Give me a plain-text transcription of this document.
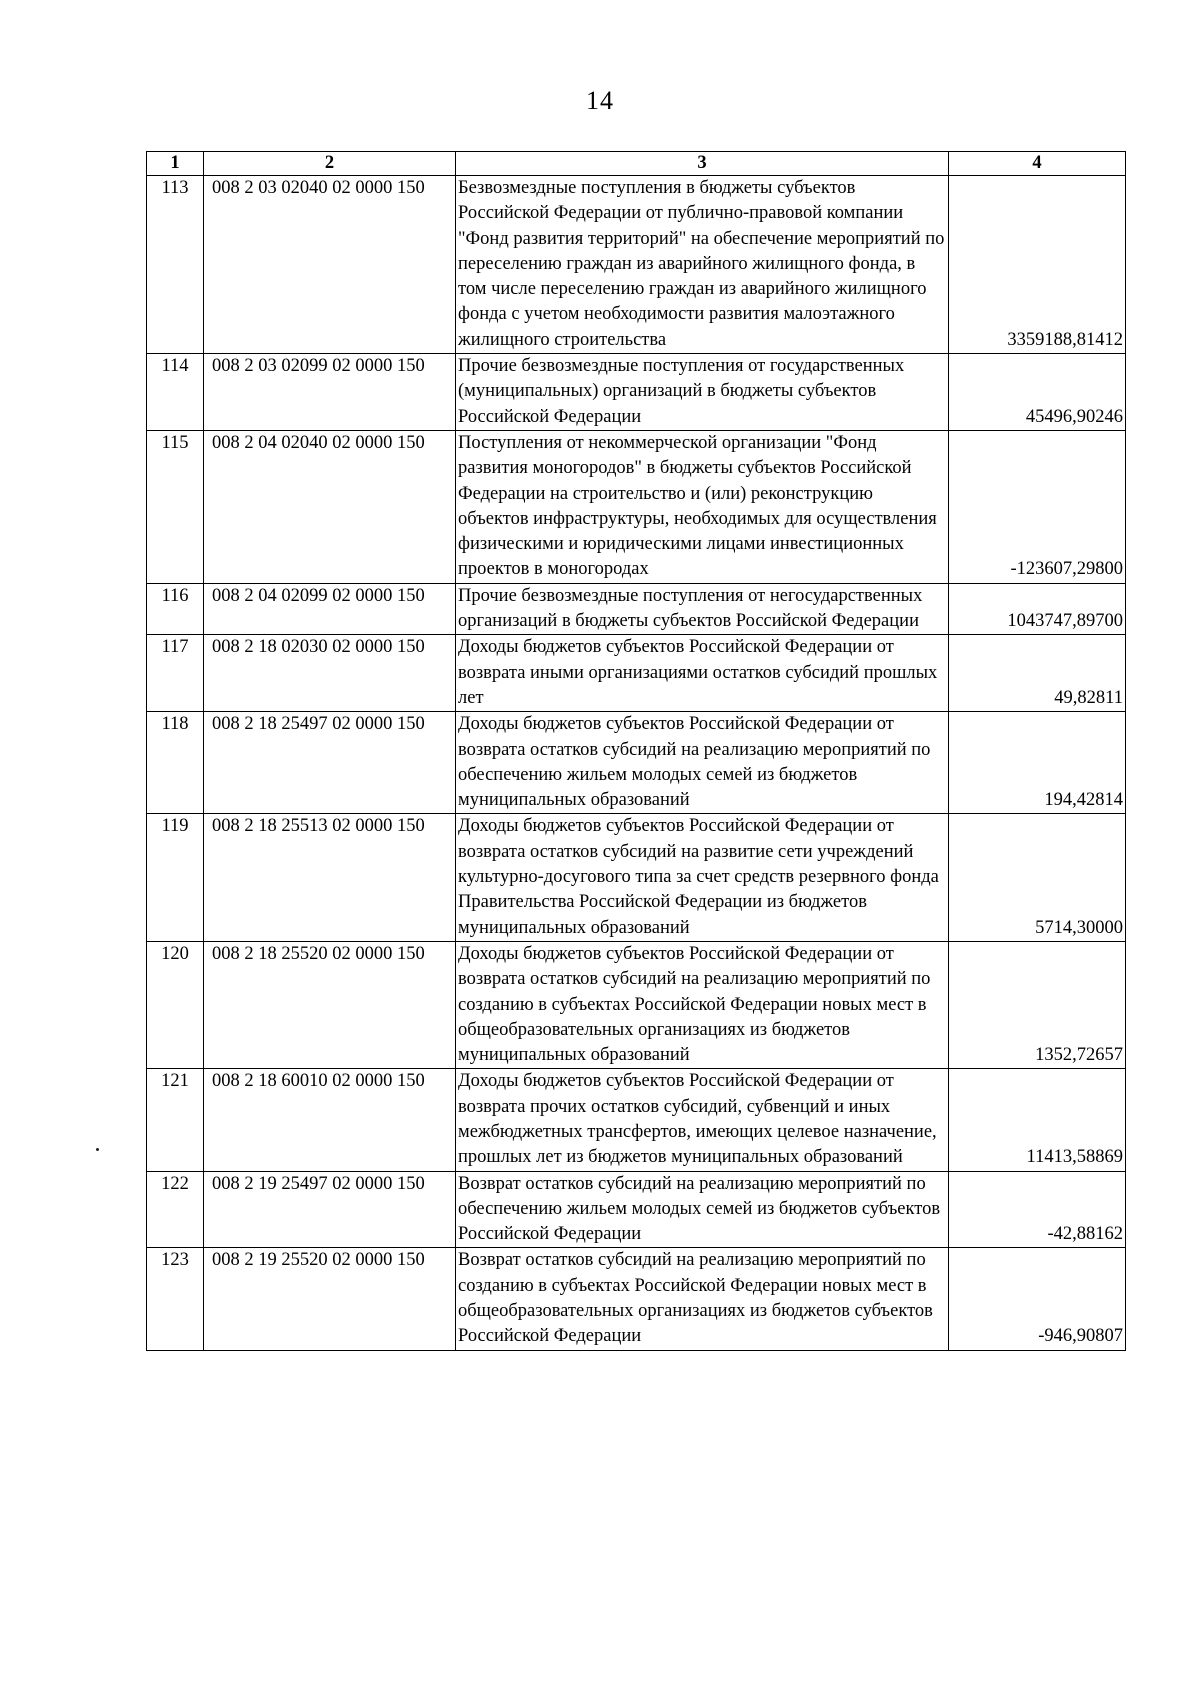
14
1	2	3	4
113	008 2 03 02040 02 0000 150	Безвозмездные поступления в бюджеты субъектов Российской Федерации от публично-правовой компании "Фонд развития территорий" на обеспечение мероприятий по переселению граждан из аварийного жилищного фонда, в том числе переселению граждан из аварийного жилищного фонда с учетом необходимости развития малоэтажного жилищного строительства	3359188,81412
114	008 2 03 02099 02 0000 150	Прочие безвозмездные поступления от государственных (муниципальных) организаций в бюджеты субъектов Российской Федерации	45496,90246
115	008 2 04 02040 02 0000 150	Поступления от некоммерческой организации "Фонд развития моногородов" в бюджеты субъектов Российской Федерации на строительство и (или) реконструкцию объектов инфраструктуры, необходимых для осуществления физическими и юридическими лицами инвестиционных проектов в моногородах	-123607,29800
116	008 2 04 02099 02 0000 150	Прочие безвозмездные поступления от негосударственных организаций в бюджеты субъектов Российской Федерации	1043747,89700
117	008 2 18 02030 02 0000 150	Доходы бюджетов субъектов Российской Федерации от возврата иными организациями остатков субсидий прошлых лет	49,82811
118	008 2 18 25497 02 0000 150	Доходы бюджетов субъектов Российской Федерации от возврата остатков субсидий на реализацию мероприятий по обеспечению жильем молодых семей из бюджетов муниципальных образований	194,42814
119	008 2 18 25513 02 0000 150	Доходы бюджетов субъектов Российской Федерации от возврата остатков субсидий на развитие сети учреждений культурно-досугового типа за счет средств резервного фонда Правительства Российской Федерации из бюджетов муниципальных образований	5714,30000
120	008 2 18 25520 02 0000 150	Доходы бюджетов субъектов Российской Федерации от возврата остатков субсидий на реализацию мероприятий по созданию в субъектах Российской Федерации новых мест в общеобразовательных организациях из бюджетов муниципальных образований	1352,72657
121	008 2 18 60010 02 0000 150	Доходы бюджетов субъектов Российской Федерации от возврата прочих остатков субсидий, субвенций и иных межбюджетных трансфертов, имеющих целевое назначение, прошлых лет из бюджетов муниципальных образований	11413,58869
122	008 2 19 25497 02 0000 150	Возврат остатков субсидий на реализацию мероприятий по обеспечению жильем молодых семей из бюджетов субъектов Российской Федерации	-42,88162
123	008 2 19 25520 02 0000 150	Возврат остатков субсидий на реализацию мероприятий по созданию в субъектах Российской Федерации новых мест в общеобразовательных организациях из бюджетов субъектов Российской Федерации	-946,90807
